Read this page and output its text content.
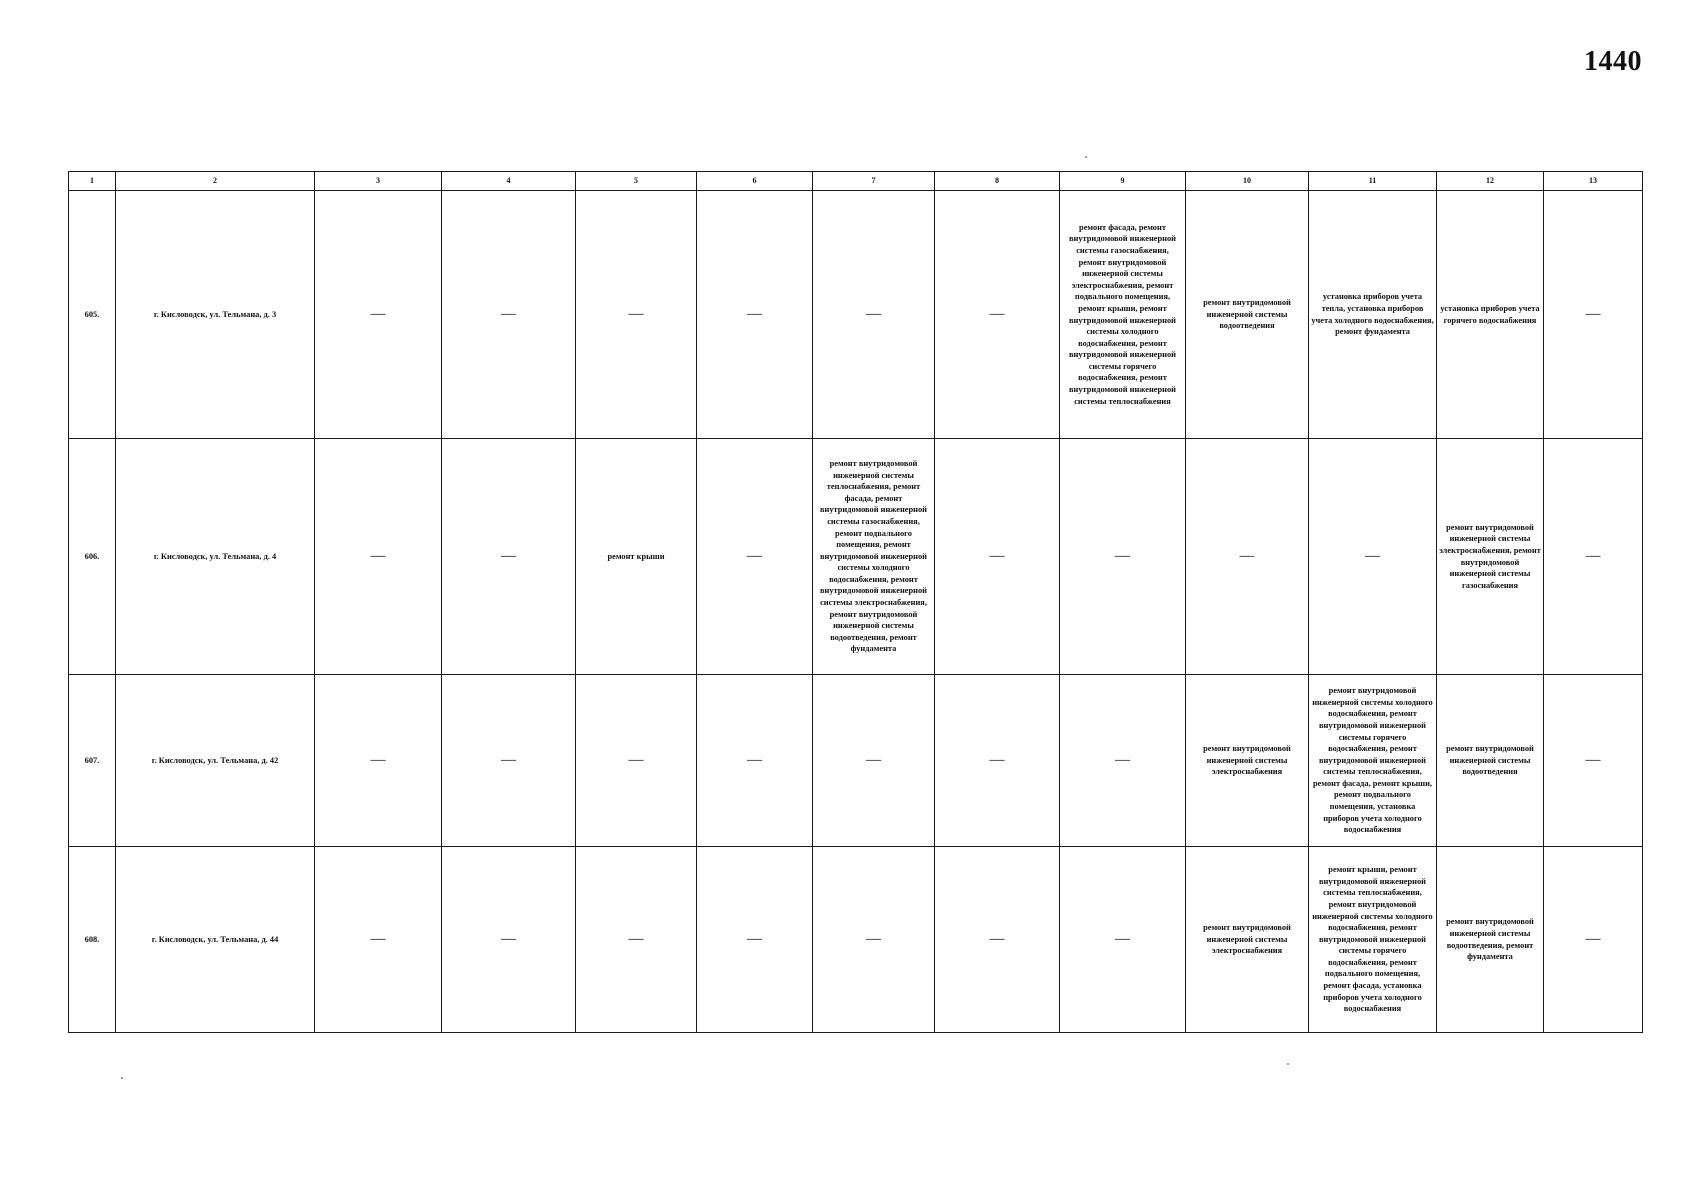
1440
1	2	3	4	5	6	7	8	9	10	11	12	13
605.	г. Кисловодск, ул. Тельмана, д. 3	—	—	—	—	—	—	ремонт фасада, ремонт внутридомовой инженерной системы газоснабжения, ремонт внутридомовой инженерной системы электроснабжения, ремонт подвального помещения, ремонт крыши, ремонт внутридомовой инженерной системы холодного водоснабжения, ремонт внутридомовой инженерной системы горячего водоснабжения, ремонт внутридомовой инженерной системы теплоснабжения	ремонт внутридомовой инженерной системы водоотведения	установка приборов учета тепла, установка приборов учета холодного водоснабжения, ремонт фундамента	установка приборов учета горячего водоснабжения	—
606.	г. Кисловодск, ул. Тельмана, д. 4	—	—	ремонт крыши	—	ремонт внутридомовой инженерной системы теплоснабжения, ремонт фасада, ремонт внутридомовой инженерной системы газоснабжения, ремонт подвального помещения, ремонт внутридомовой инженерной системы холодного водоснабжения, ремонт внутридомовой инженерной системы электроснабжения, ремонт внутридомовой инженерной системы водоотведения, ремонт фундамента	—	—	—	—	ремонт внутридомовой инженерной системы электроснабжения, ремонт внутридомовой инженерной системы газоснабжения	—
607.	г. Кисловодск, ул. Тельмана, д. 42	—	—	—	—	—	—	—	ремонт внутридомовой инженерной системы электроснабжения	ремонт внутридомовой инженерной системы холодного водоснабжения, ремонт внутридомовой инженерной системы горячего водоснабжения, ремонт внутридомовой инженерной системы теплоснабжения, ремонт фасада, ремонт крыши, ремонт подвального помещения, установка приборов учета холодного водоснабжения	ремонт внутридомовой инженерной системы водоотведения	—
608.	г. Кисловодск, ул. Тельмана, д. 44	—	—	—	—	—	—	—	ремонт внутридомовой инженерной системы электроснабжения	ремонт крыши, ремонт внутридомовой инженерной системы теплоснабжения, ремонт внутридомовой инженерной системы холодного водоснабжения, ремонт внутридомовой инженерной системы горячего водоснабжения, ремонт подвального помещения, ремонт фасада, установка приборов учета холодного водоснабжения	ремонт внутридомовой инженерной системы водоотведения, ремонт фундамента	—
